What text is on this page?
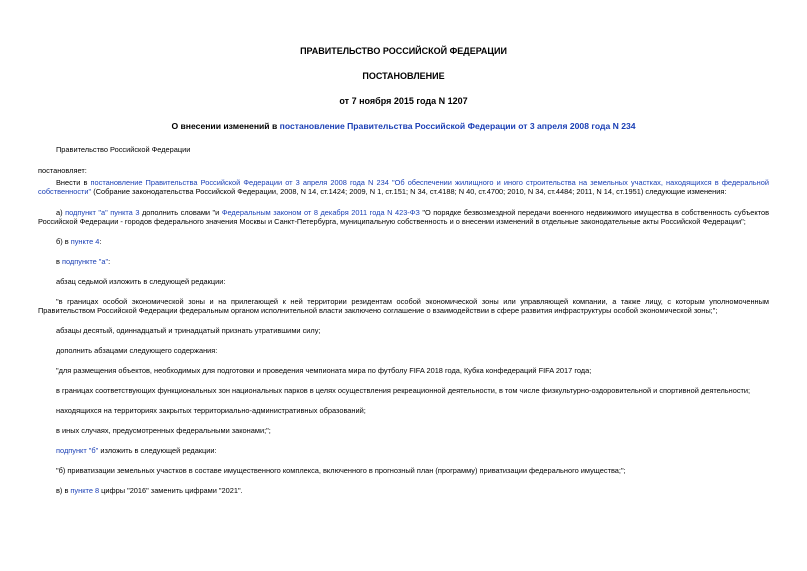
ПРАВИТЕЛЬСТВО РОССИЙСКОЙ ФЕДЕРАЦИИ

ПОСТАНОВЛЕНИЕ

от 7 ноября 2015 года N 1207

О внесении изменений в постановление Правительства Российской Федерации от 3 апреля 2008 года N 234

Правительство Российской Федерации

постановляет:

Внести в постановление Правительства Российской Федерации от 3 апреля 2008 года N 234 "Об обеспечении жилищного и иного строительства на земельных участках, находящихся в федеральной собственности" (Собрание законодательства Российской Федерации, 2008, N 14, ст.1424; 2009, N 1, ст.151; N 34, ст.4188; N 40, ст.4700; 2010, N 34, ст.4484; 2011, N 14, ст.1951) следующие изменения:

а) подпункт "а" пункта 3 дополнить словами "и Федеральным законом от 8 декабря 2011 года N 423-ФЗ "О порядке безвозмездной передачи военного недвижимого имущества в собственность субъектов Российской Федерации - городов федерального значения Москвы и Санкт-Петербурга, муниципальную собственность и о внесении изменений в отдельные законодательные акты Российской Федерации";

б) в пункте 4:

в подпункте "а":

абзац седьмой изложить в следующей редакции:

"в границах особой экономической зоны и на прилегающей к ней территории резидентам особой экономической зоны или управляющей компании, а также лицу, с которым уполномоченным Правительством Российской Федерации федеральным органом исполнительной власти заключено соглашение о взаимодействии в сфере развития инфраструктуры особой экономической зоны;";

абзацы десятый, одиннадцатый и тринадцатый признать утратившими силу;

дополнить абзацами следующего содержания:

"для размещения объектов, необходимых для подготовки и проведения чемпионата мира по футболу FIFA 2018 года, Кубка конфедераций FIFA 2017 года;

в границах соответствующих функциональных зон национальных парков в целях осуществления рекреационной деятельности, в том числе физкультурно-оздоровительной и спортивной деятельности;

находящихся на территориях закрытых территориально-административных образований;

в иных случаях, предусмотренных федеральными законами;";

подпункт "б" изложить в следующей редакции:

"б) приватизации земельных участков в составе имущественного комплекса, включенного в прогнозный план (программу) приватизации федерального имущества;";

в) в пункте 8 цифры "2016" заменить цифрами "2021".
